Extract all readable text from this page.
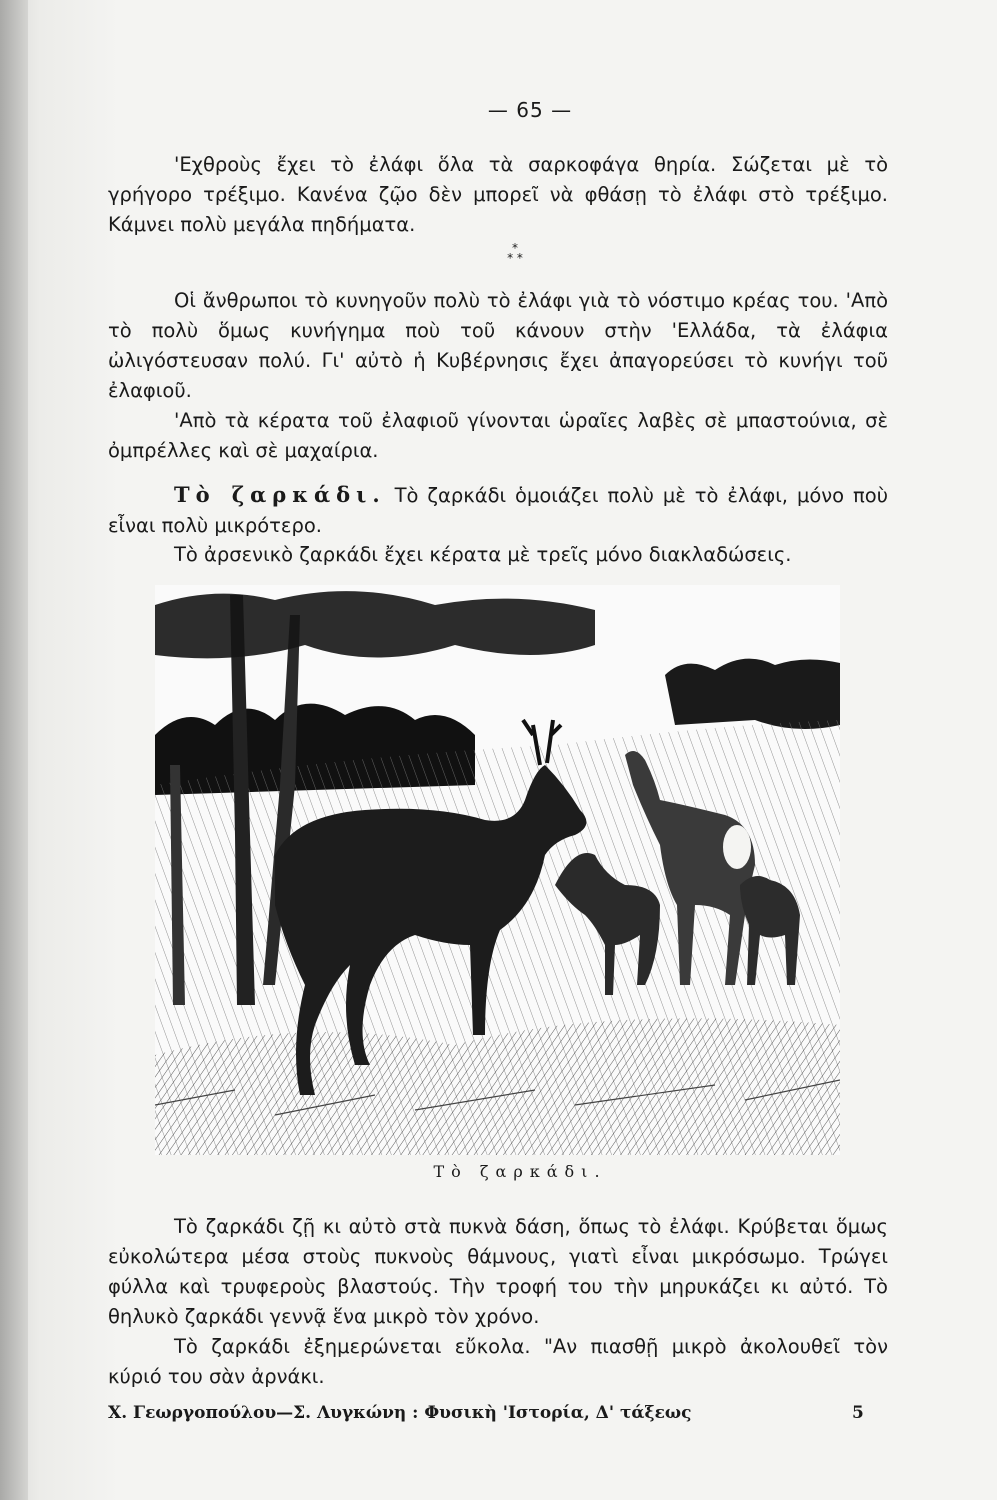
— 65 —

'Εχθροὺς ἔχει τὸ ἐλάφι ὅλα τὰ σαρκοφάγα θηρία. Σώζεται μὲ τὸ γρήγορο τρέξιμο. Κανένα ζῷο δὲν μπορεῖ νὰ φθάσῃ τὸ ἐλάφι στὸ τρέξιμο. Κάμνει πολὺ μεγάλα πηδήματα.

*
* *

Οἱ ἄνθρωποι τὸ κυνηγοῦν πολὺ τὸ ἐλάφι γιὰ τὸ νόστιμο κρέας του. 'Απὸ τὸ πολὺ ὅμως κυνήγημα ποὺ τοῦ κάνουν στὴν 'Ελλάδα, τὰ ἐλάφια ὠλιγόστευσαν πολύ. Γι' αὐτὸ ἡ Κυβέρνησις ἔχει ἀπαγορεύσει τὸ κυνήγι τοῦ ἐλαφιοῦ.

'Απὸ τὰ κέρατα τοῦ ἐλαφιοῦ γίνονται ὡραῖες λαβὲς σὲ μπαστούνια, σὲ ὀμπρέλλες καὶ σὲ μαχαίρια.

Τὸ ζαρκάδι. Τὸ ζαρκάδι ὁμοιάζει πολὺ μὲ τὸ ἐλάφι, μόνο ποὺ εἶναι πολὺ μικρότερο.

Τὸ ἀρσενικὸ ζαρκάδι ἔχει κέρατα μὲ τρεῖς μόνο διακλαδώσεις.

Τὸ ζαρκάδι.

Τὸ ζαρκάδι ζῇ κι αὐτὸ στὰ πυκνὰ δάση, ὅπως τὸ ἐλάφι. Κρύβεται ὅμως εὐκολώτερα μέσα στοὺς πυκνοὺς θάμνους, γιατὶ εἶναι μικρόσωμο. Τρώγει φύλλα καὶ τρυφεροὺς βλαστούς. Τὴν τροφή του τὴν μηρυκάζει κι αὐτό. Τὸ θηλυκὸ ζαρκάδι γεννᾷ ἕνα μικρὸ τὸν χρόνο.

Τὸ ζαρκάδι ἐξημερώνεται εὔκολα. "Αν πιασθῇ μικρὸ ἀκολουθεῖ τὸν κύριό του σὰν ἀρνάκι.

Χ. Γεωργοπούλου—Σ. Λυγκώνη : Φυσικὴ 'Ιστορία, Δ' τάξεως	5
